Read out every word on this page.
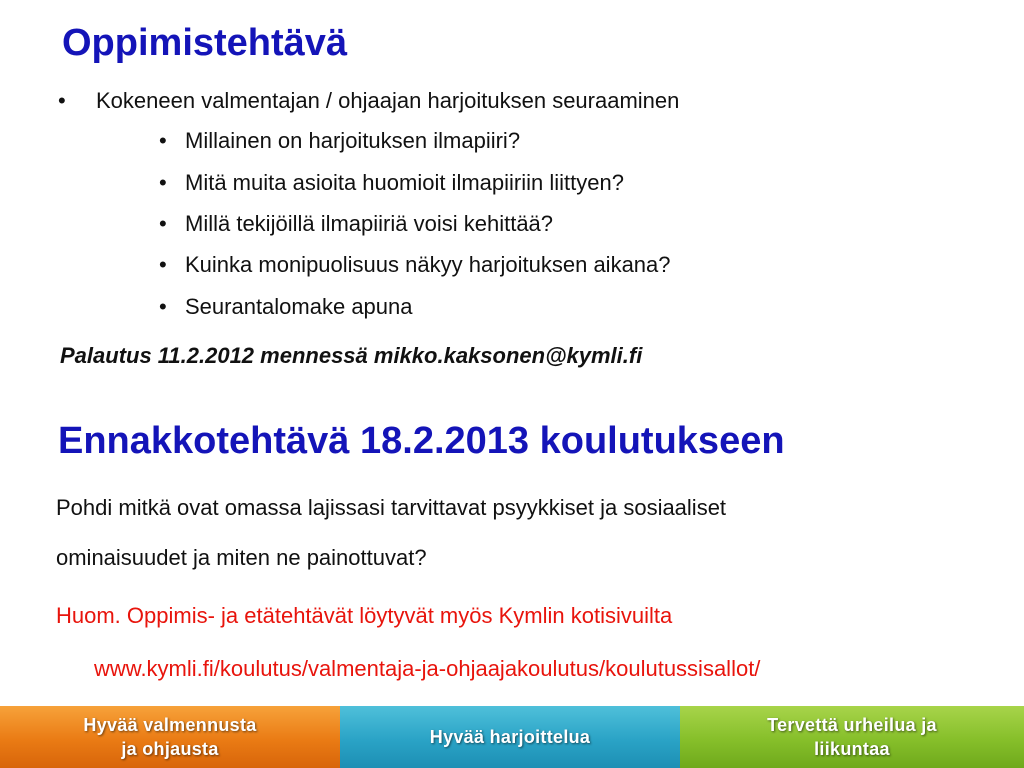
Oppimistehtävä
• Kokeneen valmentajan / ohjaajan harjoituksen seuraaminen
• Millainen on harjoituksen ilmapiiri?
• Mitä muita asioita huomioit ilmapiiriin liittyen?
• Millä tekijöillä ilmapiiriä voisi kehittää?
• Kuinka monipuolisuus näkyy harjoituksen aikana?
• Seurantalomake apuna
Palautus 11.2.2012 mennessä mikko.kaksonen@kymli.fi
Ennakkotehtävä 18.2.2013 koulutukseen
Pohdi mitkä ovat omassa lajissasi tarvittavat psyykkiset ja sosiaaliset
ominaisuudet ja miten ne painottuvat?
Huom. Oppimis- ja etätehtävät löytyvät myös Kymlin kotisivuilta
www.kymli.fi/koulutus/valmentaja-ja-ohjaajakoulutus/koulutussisallot/
Hyvää valmennusta
ja ohjausta
Hyvää harjoittelua
Tervettä urheilua ja
liikuntaa
